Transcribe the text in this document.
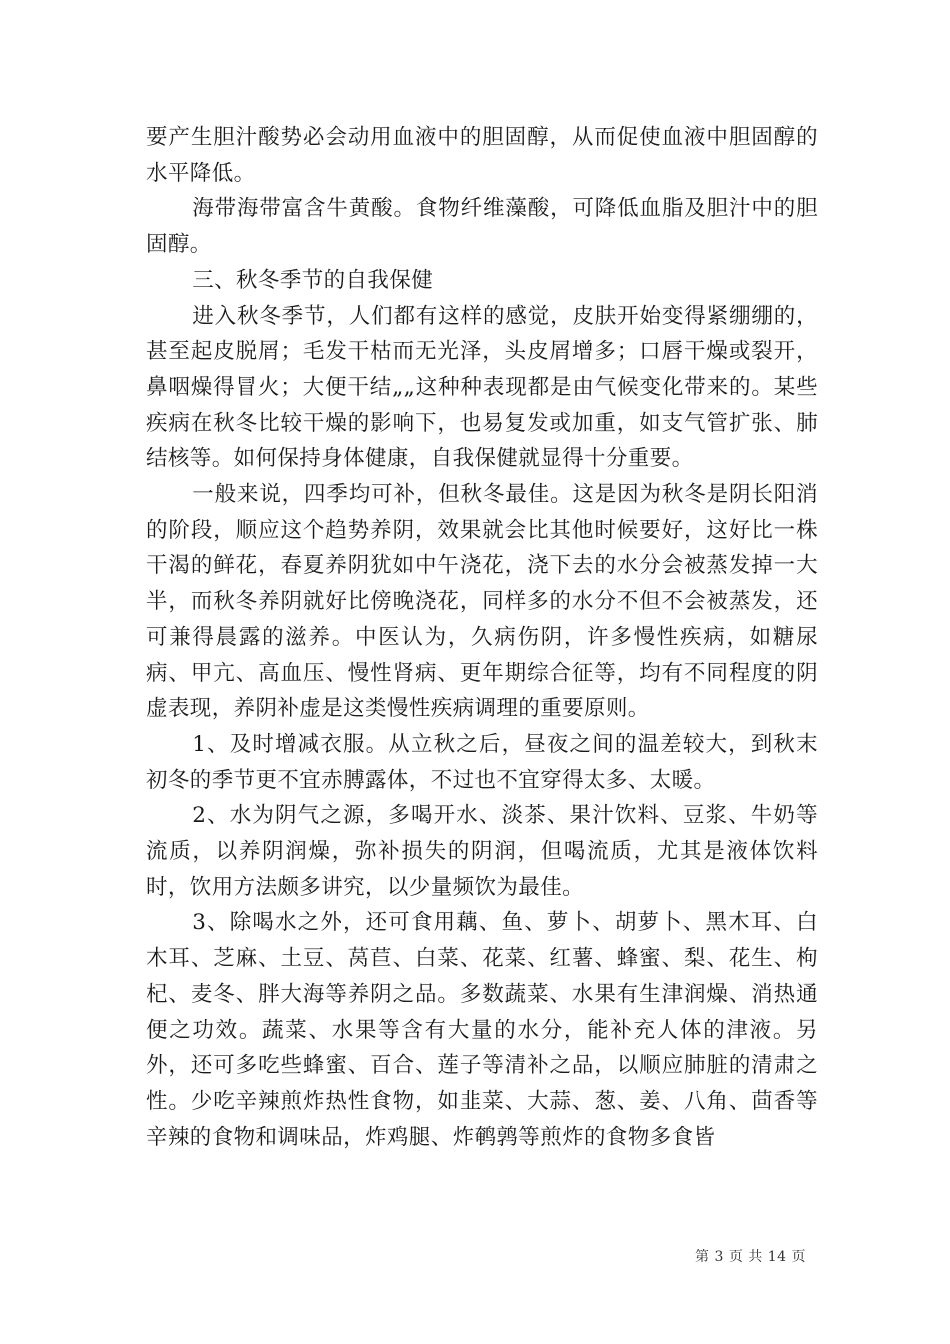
要产生胆汁酸势必会动用血液中的胆固醇，从而促使血液中胆固醇的水平降低。

海带海带富含牛黄酸。食物纤维藻酸，可降低血脂及胆汁中的胆固醇。

三、秋冬季节的自我保健

进入秋冬季节，人们都有这样的感觉，皮肤开始变得紧绷绷的，甚至起皮脱屑；毛发干枯而无光泽，头皮屑增多；口唇干燥或裂开，鼻咽燥得冒火；大便干结„„这种种表现都是由气候变化带来的。某些疾病在秋冬比较干燥的影响下，也易复发或加重，如支气管扩张、肺结核等。如何保持身体健康，自我保健就显得十分重要。

一般来说，四季均可补，但秋冬最佳。这是因为秋冬是阴长阳消的阶段，顺应这个趋势养阴，效果就会比其他时候要好，这好比一株干渴的鲜花，春夏养阴犹如中午浇花，浇下去的水分会被蒸发掉一大半，而秋冬养阴就好比傍晚浇花，同样多的水分不但不会被蒸发，还可兼得晨露的滋养。中医认为，久病伤阴，许多慢性疾病，如糖尿病、甲亢、高血压、慢性肾病、更年期综合征等，均有不同程度的阴虚表现，养阴补虚是这类慢性疾病调理的重要原则。

1、及时增减衣服。从立秋之后，昼夜之间的温差较大，到秋末初冬的季节更不宜赤膊露体，不过也不宜穿得太多、太暖。

2、水为阴气之源，多喝开水、淡茶、果汁饮料、豆浆、牛奶等流质，以养阴润燥，弥补损失的阴润，但喝流质，尤其是液体饮料时，饮用方法颇多讲究，以少量频饮为最佳。

3、除喝水之外，还可食用藕、鱼、萝卜、胡萝卜、黑木耳、白木耳、芝麻、土豆、莴苣、白菜、花菜、红薯、蜂蜜、梨、花生、枸杞、麦冬、胖大海等养阴之品。多数蔬菜、水果有生津润燥、消热通便之功效。蔬菜、水果等含有大量的水分，能补充人体的津液。另外，还可多吃些蜂蜜、百合、莲子等清补之品，以顺应肺脏的清肃之性。少吃辛辣煎炸热性食物，如韭菜、大蒜、葱、姜、八角、茴香等辛辣的食物和调味品，炸鸡腿、炸鹌鹑等煎炸的食物多食皆

第 3 页 共 14 页
